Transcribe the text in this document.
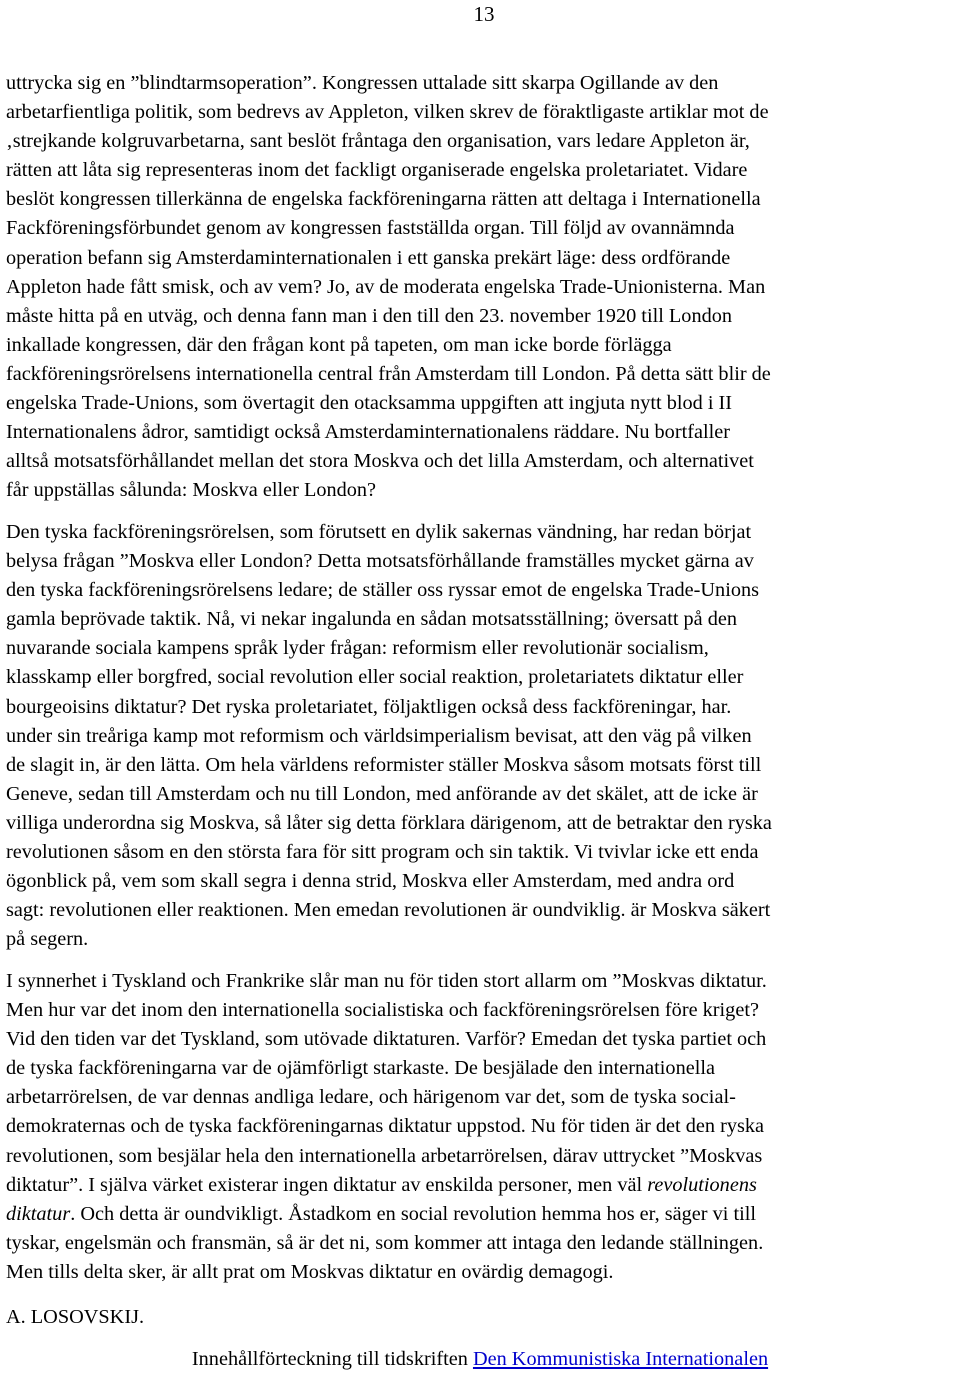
13
uttrycka sig en ”blindtarmsoperation”. Kongressen uttalade sitt skarpa Ogillande av den
arbetarfientliga politik, som bedrevs av Appleton, vilken skrev de föraktligaste artiklar mot de
‚strejkande kolgruvarbetarna, sant beslöt fråntaga den organisation, vars ledare Appleton är,
rätten att låta sig representeras inom det fackligt organiserade engelska proletariatet. Vidare
beslöt kongressen tillerkänna de engelska fackföreningarna rätten att deltaga i Internationella
Fackföreningsförbundet genom av kongressen fastställda organ. Till följd av ovannämnda
operation befann sig Amsterdaminternationalen i ett ganska prekärt läge: dess ordförande
Appleton hade fått smisk, och av vem? Jo, av de moderata engelska Trade-Unionisterna. Man
måste hitta på en utväg, och denna fann man i den till den 23. november 1920 till London
inkallade kongressen, där den frågan kont på tapeten, om man icke borde förlägga
fackföreningsrörelsens internationella central från Amsterdam till London. På detta sätt blir de
engelska Trade-Unions, som övertagit den otacksamma uppgiften att ingjuta nytt blod i II
Internationalens ådror, samtidigt också Amsterdaminternationalens räddare. Nu bortfaller
alltså motsatsförhållandet mellan det stora Moskva och det lilla Amsterdam, och alternativet
får uppställas sålunda: Moskva eller London?
Den tyska fackföreningsrörelsen, som förutsett en dylik sakernas vändning, har redan börjat
belysa frågan ”Moskva eller London? Detta motsatsförhållande framställes mycket gärna av
den tyska fackföreningsrörelsens ledare; de ställer oss ryssar emot de engelska Trade-Unions
gamla beprövade taktik. Nå, vi nekar ingalunda en sådan motsatsställning; översatt på den
nuvarande sociala kampens språk lyder frågan: reformism eller revolutionär socialism,
klasskamp eller borgfred, social revolution eller social reaktion, proletariatets diktatur eller
bourgeoisins diktatur? Det ryska proletariatet, följaktligen också dess fackföreningar, har.
under sin treåriga kamp mot reformism och världsimperialism bevisat, att den väg på vilken
de slagit in, är den lätta. Om hela världens reformister ställer Moskva såsom motsats först till
Geneve, sedan till Amsterdam och nu till London, med anförande av det skälet, att de icke är
villiga underordna sig Moskva, så låter sig detta förklara därigenom, att de betraktar den ryska
revolutionen såsom en den största fara för sitt program och sin taktik. Vi tvivlar icke ett enda
ögonblick på, vem som skall segra i denna strid, Moskva eller Amsterdam, med andra ord
sagt: revolutionen eller reaktionen. Men emedan revolutionen är oundviklig. är Moskva säkert
på segern.
I synnerhet i Tyskland och Frankrike slår man nu för tiden stort allarm om ”Moskvas diktatur.
Men hur var det inom den internationella socialistiska och fackföreningsrörelsen före kriget?
Vid den tiden var det Tyskland, som utövade diktaturen. Varför? Emedan det tyska partiet och
de tyska fackföreningarna var de ojämförligt starkaste. De besjälade den internationella
arbetarrörelsen, de var dennas andliga ledare, och härigenom var det, som de tyska social-
demokraternas och de tyska fackföreningarnas diktatur uppstod. Nu för tiden är det den ryska
revolutionen, som besjälar hela den internationella arbetarrörelsen, därav uttrycket ”Moskvas
diktatur”. I själva värket existerar ingen diktatur av enskilda personer, men väl revolutionens
diktatur. Och detta är oundvikligt. Åstadkom en social revolution hemma hos er, säger vi till
tyskar, engelsmän och fransmän, så är det ni, som kommer att intaga den ledande ställningen.
Men tills delta sker, är allt prat om Moskvas diktatur en ovärdig demagogi.
A. LOSOVSKIJ.
Innehållförteckning till tidskriften Den Kommunistiska Internationalen
